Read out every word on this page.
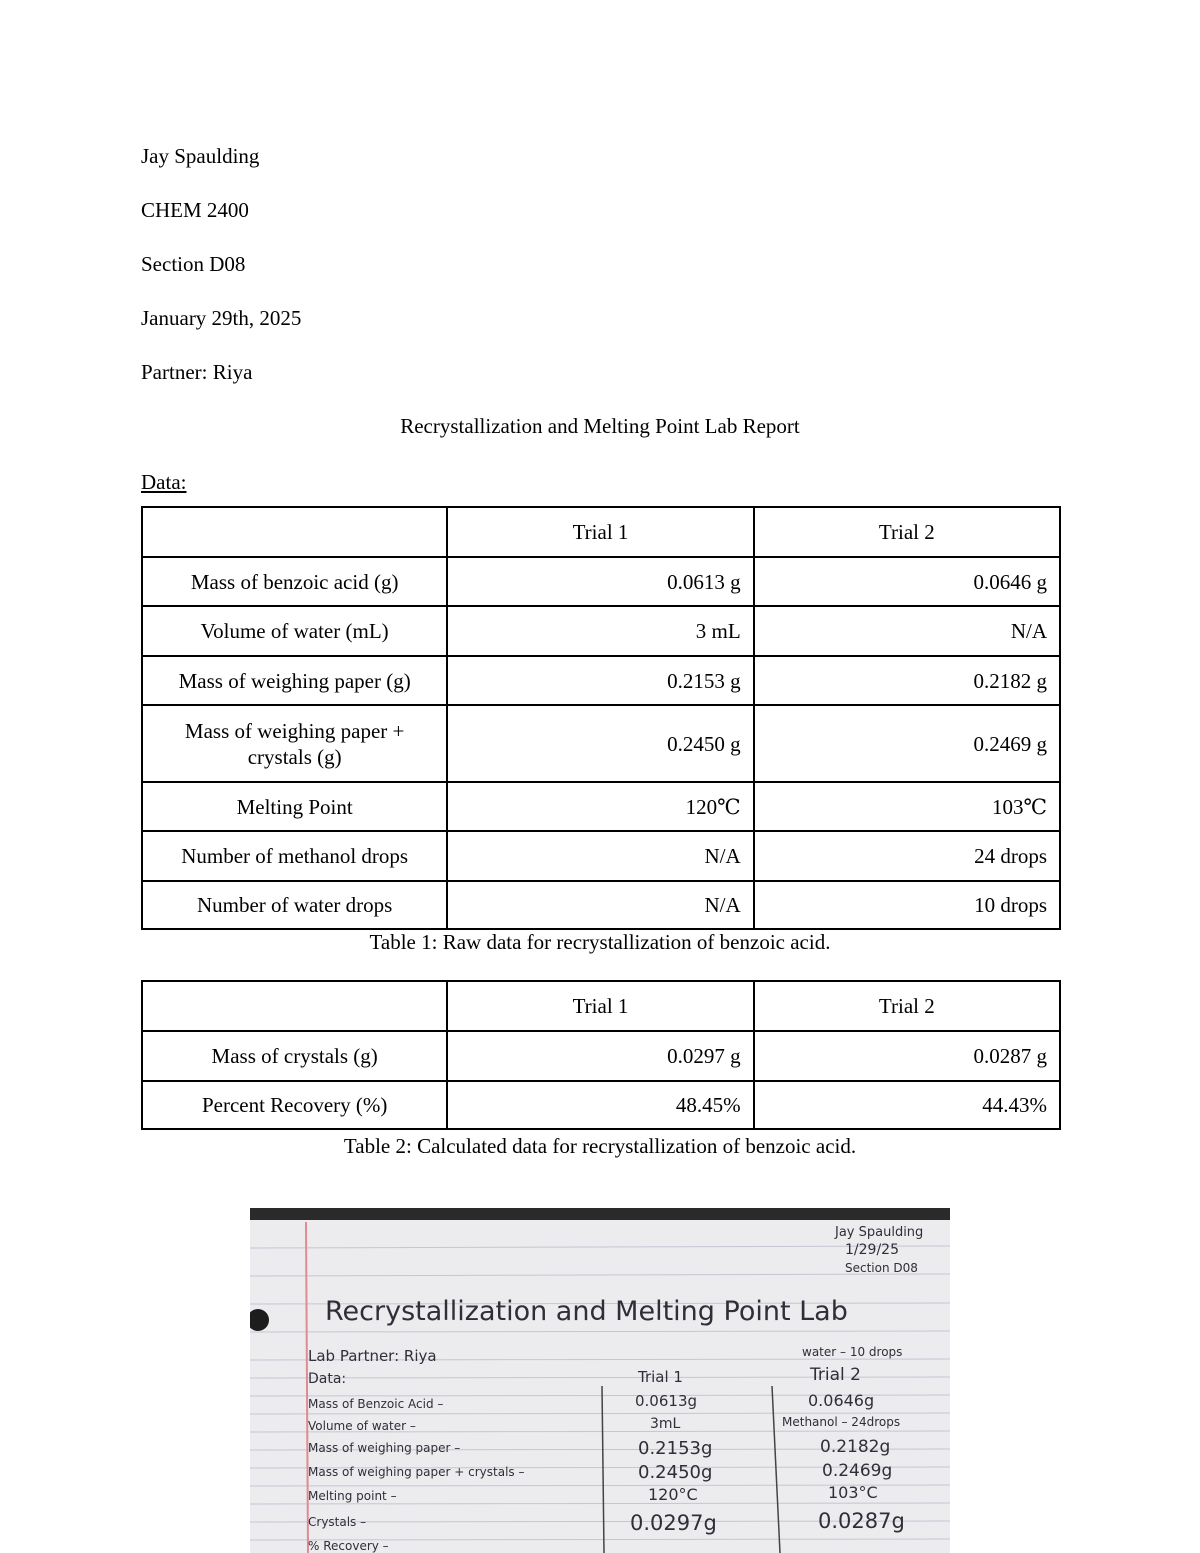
Jay Spaulding

CHEM 2400

Section D08

January 29th, 2025

Partner: Riya

Recrystallization and Melting Point Lab Report
Data:
	Trial 1	Trial 2
Mass of benzoic acid (g)	0.0613 g	0.0646 g
Volume of water (mL)	3 mL	N/A
Mass of weighing paper (g)	0.2153 g	0.2182 g
Mass of weighing paper + crystals (g)	0.2450 g	0.2469 g
Melting Point	120℃	103℃
Number of methanol drops	N/A	24 drops
Number of water drops	N/A	10 drops
Table 1: Raw data for recrystallization of benzoic acid.
	Trial 1	Trial 2
Mass of crystals (g)	0.0297 g	0.0287 g
Percent Recovery (%)	48.45%	44.43%
Table 2: Calculated data for recrystallization of benzoic acid.
Jay Spaulding
1/29/25
Section D08
Recrystallization and Melting Point Lab
Lab Partner: Riya	water – 10 drops
Data:	Trial 1	Trial 2
Mass of Benzoic Acid –	0.0613g	0.0646g
Volume of water –	3mL	Methanol – 24drops
Mass of weighing paper –	0.2153g	0.2182g
Mass of weighing paper + crystals –	0.2450g	0.2469g
Melting point –	120°C	103°C
Crystals –	0.0297g	0.0287g
% Recovery –
